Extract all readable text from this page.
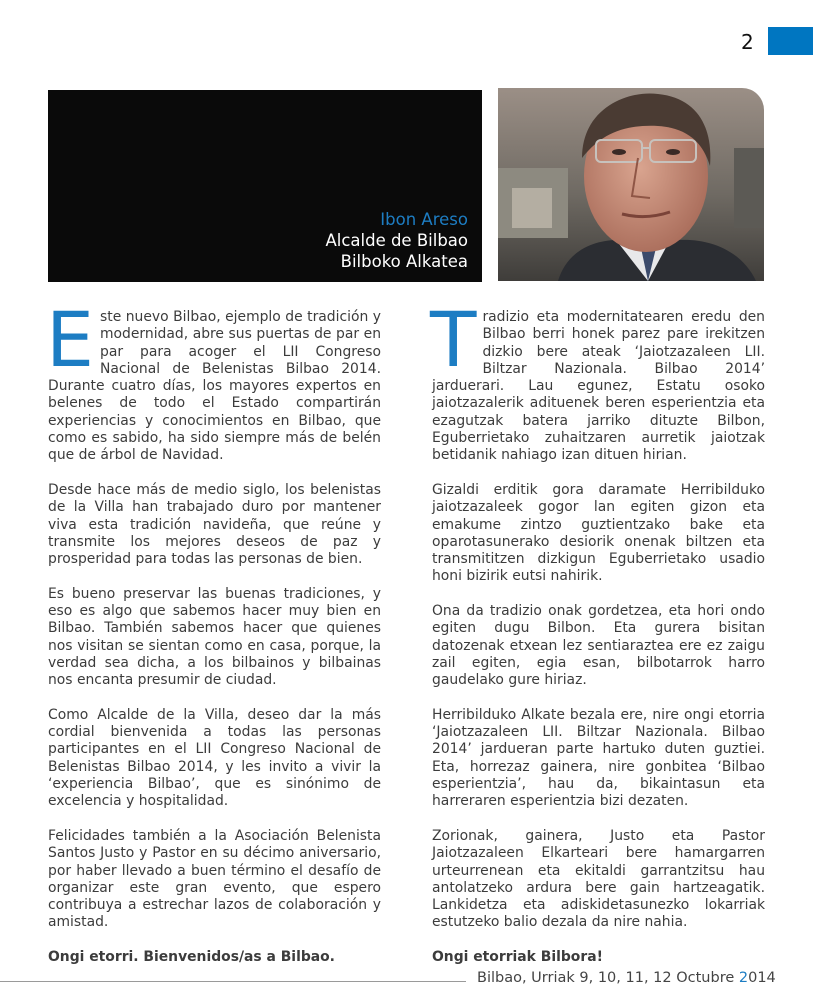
2
Ibon Areso
Alcalde de Bilbao
Bilboko Alkatea

Este nuevo Bilbao, ejemplo de tradición y modernidad, abre sus puertas de par en par para acoger el LII Congreso Nacional de Belenistas Bilbao 2014. Durante cuatro días, los mayores expertos en belenes de todo el Estado compartirán experiencias y conocimientos en Bilbao, que como es sabido, ha sido siempre más de belén que de árbol de Navidad.

Desde hace más de medio siglo, los belenistas de la Villa han trabajado duro por mantener viva esta tradición navideña, que reúne y transmite los mejores deseos de paz y prosperidad para todas las personas de bien.

Es bueno preservar las buenas tradiciones, y eso es algo que sabemos hacer muy bien en Bilbao. También sabemos hacer que quienes nos visitan se sientan como en casa, porque, la verdad sea dicha, a los bilbainos y bilbainas nos encanta presumir de ciudad.

Como Alcalde de la Villa, deseo dar la más cordial bienvenida a todas las personas participantes en el LII Congreso Nacional de Belenistas Bilbao 2014, y les invito a vivir la ‘experiencia Bilbao’, que es sinónimo de excelencia y hospitalidad.

Felicidades también a la Asociación Belenista Santos Justo y Pastor en su décimo aniversario, por haber llevado a buen término el desafío de organizar este gran evento, que espero contribuya a estrechar lazos de colaboración y amistad.

Ongi etorri. Bienvenidos/as a Bilbao.

Tradizio eta modernitatearen eredu den Bilbao berri honek parez pare irekitzen dizkio bere ateak ‘Jaiotzazaleen LII. Biltzar Nazionala. Bilbao 2014’ jarduerari. Lau egunez, Estatu osoko jaiotzazalerik adituenek beren esperientzia eta ezagutzak batera jarriko dituzte Bilbon, Eguberrietako zuhaitzaren aurretik jaiotzak betidanik nahiago izan dituen hirian.

Gizaldi erditik gora daramate Herribilduko jaiotzazaleek gogor lan egiten gizon eta emakume zintzo guztientzako bake eta oparotasunerako desiorik onenak biltzen eta transmititzen dizkigun Eguberrietako usadio honi bizirik eutsi nahirik.

Ona da tradizio onak gordetzea, eta hori ondo egiten dugu Bilbon. Eta gurera bisitan datozenak etxean lez sentiaraztea ere ez zaigu zail egiten, egia esan, bilbotarrok harro gaudelako gure hiriaz.

Herribilduko Alkate bezala ere, nire ongi etorria ‘Jaiotzazaleen LII. Biltzar Nazionala. Bilbao 2014’ jardueran parte hartuko duten guztiei. Eta, horrezaz gainera, nire gonbitea ‘Bilbao esperientzia’, hau da, bikaintasun eta harreraren esperientzia bizi dezaten.

Zorionak, gainera, Justo eta Pastor Jaiotzazaleen Elkarteari bere hamargarren urteurrenean eta ekitaldi garrantzitsu hau antolatzeko ardura bere gain hartzeagatik. Lankidetza eta adiskidetasunezko lokarriak estutzeko balio dezala da nire nahia.

Ongi etorriak Bilbora!

Bilbao, Urriak 9, 10, 11, 12 Octubre 2014
